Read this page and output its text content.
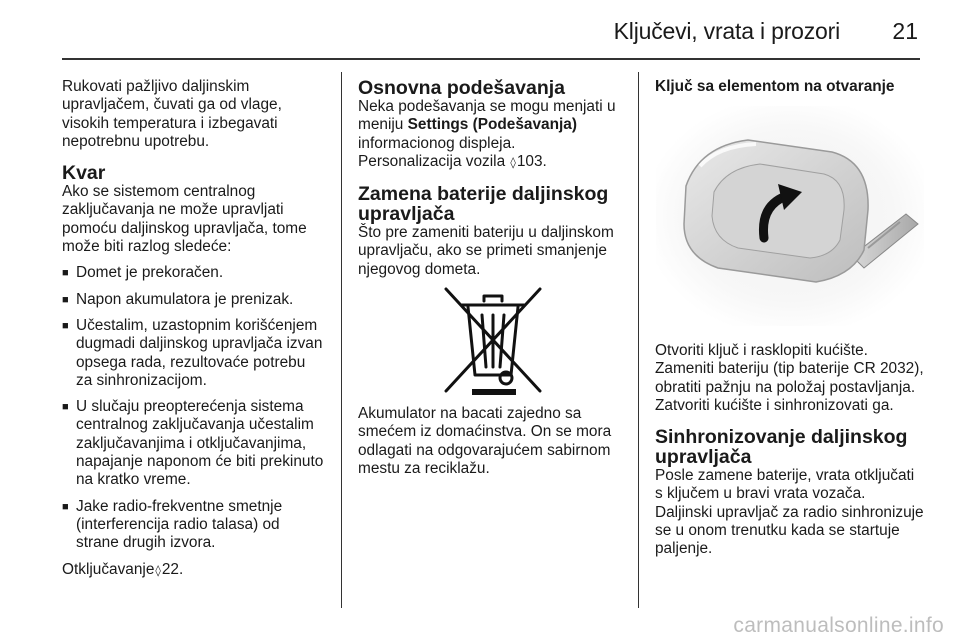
Ključevi, vrata i prozori 21

Rukovati pažljivo daljinskim upravljačem, čuvati ga od vlage, visokih temperatura i izbegavati nepotrebnu upotrebu.

Kvar

Ako se sistemom centralnog zaključavanja ne može upravljati pomoću daljinskog upravljača, tome može biti razlog sledeće:

■ Domet je prekoračen.
■ Napon akumulatora je prenizak.
■ Učestalim, uzastopnim korišćenjem dugmadi daljinskog upravljača izvan opsega rada, rezultovaće potrebu za sinhronizacijom.
■ U slučaju preopterećenja sistema centralnog zaključavanja učestalim zaključavanjima i otključavanjima, napajanje naponom će biti prekinuto na kratko vreme.
■ Jake radio-frekventne smetnje (interferencija radio talasa) od strane drugih izvora.

Otključavanje◊22.

Osnovna podešavanja

Neka podešavanja se mogu menjati u meniju Settings (Podešavanja) informacionog displeja.

Personalizacija vozila ◊103.

Zamena baterije daljinskog upravljača

Što pre zameniti bateriju u daljinskom upravljaču, ako se primeti smanjenje njegovog dometa.

Akumulator na bacati zajedno sa smećem iz domaćinstva. On se mora odlagati na odgovarajućem sabirnom mestu za reciklažu.

Ključ sa elementom na otvaranje

Otvoriti ključ i rasklopiti kućište. Zameniti bateriju (tip baterije CR 2032), obratiti pažnju na položaj postavljanja. Zatvoriti kućište i sinhronizovati ga.

Sinhronizovanje daljinskog upravljača

Posle zamene baterije, vrata otključati s ključem u bravi vrata vozača. Daljinski upravljač za radio sinhronizuje se u onom trenutku kada se startuje paljenje.

carmanualsonline.info
